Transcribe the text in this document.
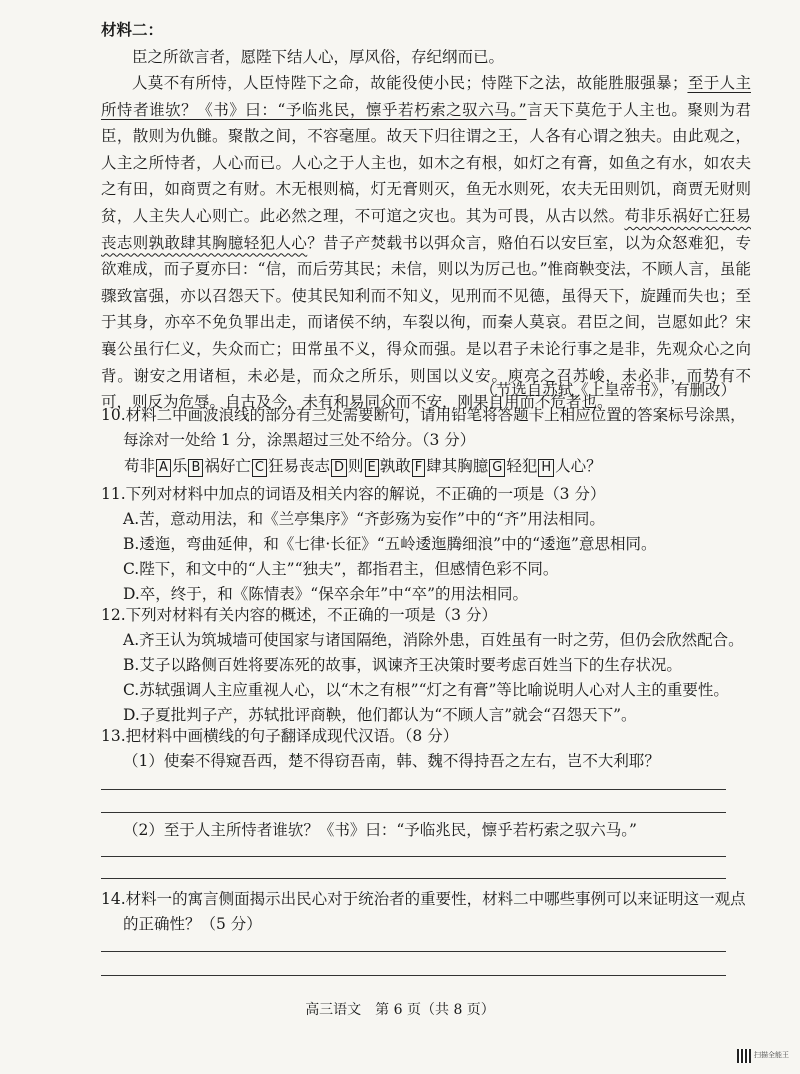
材料二：

臣之所欲言者，愿陛下结人心，厚风俗，存纪纲而已。

人莫不有所恃，人臣恃陛下之命，故能役使小民；恃陛下之法，故能胜服强暴；至于人主所恃者谁欤？《书》曰：“予临兆民，懔乎若朽索之驭六马。”言天下莫危于人主也。聚则为君臣，散则为仇雠。聚散之间，不容毫厘。故天下归往谓之王，人各有心谓之独夫。由此观之，人主之所恃者，人心而已。人心之于人主也，如木之有根，如灯之有膏，如鱼之有水，如农夫之有田，如商贾之有财。木无根则槁，灯无膏则灭，鱼无水则死，农夫无田则饥，商贾无财则贫，人主失人心则亡。此必然之理，不可逭之灾也。其为可畏，从古以然。苟非乐祸好亡狂易丧志则孰敢肆其胸臆轻犯人心？昔子产焚载书以弭众言，赂伯石以安巨室，以为众怒难犯，专欲难成，而子夏亦曰：“信，而后劳其民；未信，则以为厉己也。”惟商鞅变法，不顾人言，虽能骤致富强，亦以召怨天下。使其民知利而不知义，见刑而不见德，虽得天下，旋踵而失也；至于其身，亦卒不免负罪出走，而诸侯不纳，车裂以徇，而秦人莫哀。君臣之间，岂愿如此？宋襄公虽行仁义，失众而亡；田常虽不义，得众而强。是以君子未论行事之是非，先观众心之向背。谢安之用诸桓，未必是，而众之所乐，则国以义安。庾亮之召苏峻，未必非，而势有不可，则反为危辱。自古及今，未有和易同众而不安，刚果自用而不危者也。

（节选自苏轼《上皇帝书》，有删改）
10.材料二中画波浪线的部分有三处需要断句，请用铅笔将答题卡上相应位置的答案标号涂黑，每涂对一处给 1 分，涂黑超过三处不给分。（3 分）
苟非 A 乐 B 祸好亡 C 狂易丧志 D 则 E 孰敢 F 肆其胸臆 G 轻犯 H 人心？
11.下列对材料中加点的词语及相关内容的解说，不正确的一项是（3 分）
A.苦，意动用法，和《兰亭集序》“齐彭殇为妄作”中的“齐”用法相同。
B.逶迤，弯曲延伸，和《七律·长征》“五岭逶迤腾细浪”中的“逶迤”意思相同。
C.陛下，和文中的“人主”“独夫”，都指君主，但感情色彩不同。
D.卒，终于，和《陈情表》“保卒余年”中“卒”的用法相同。
12.下列对材料有关内容的概述，不正确的一项是（3 分）
A.齐王认为筑城墙可使国家与诸国隔绝，消除外患，百姓虽有一时之劳，但仍会欣然配合。
B.艾子以路侧百姓将要冻死的故事，讽谏齐王决策时要考虑百姓当下的生存状况。
C.苏轼强调人主应重视人心，以“木之有根”“灯之有膏”等比喻说明人心对人主的重要性。
D.子夏批判子产，苏轼批评商鞅，他们都认为“不顾人言”就会“召怨天下”。
13.把材料中画横线的句子翻译成现代汉语。（8 分）
（1）使秦不得窥吾西，楚不得窃吾南，韩、魏不得持吾之左右，岂不大利耶？
（2）至于人主所恃者谁欤？《书》曰：“予临兆民，懔乎若朽索之驭六马。”
14.材料一的寓言侧面揭示出民心对于统治者的重要性，材料二中哪些事例可以来证明这一观点的正确性？（5 分）
高三语文　第 6 页（共 8 页）
扫描全能王
